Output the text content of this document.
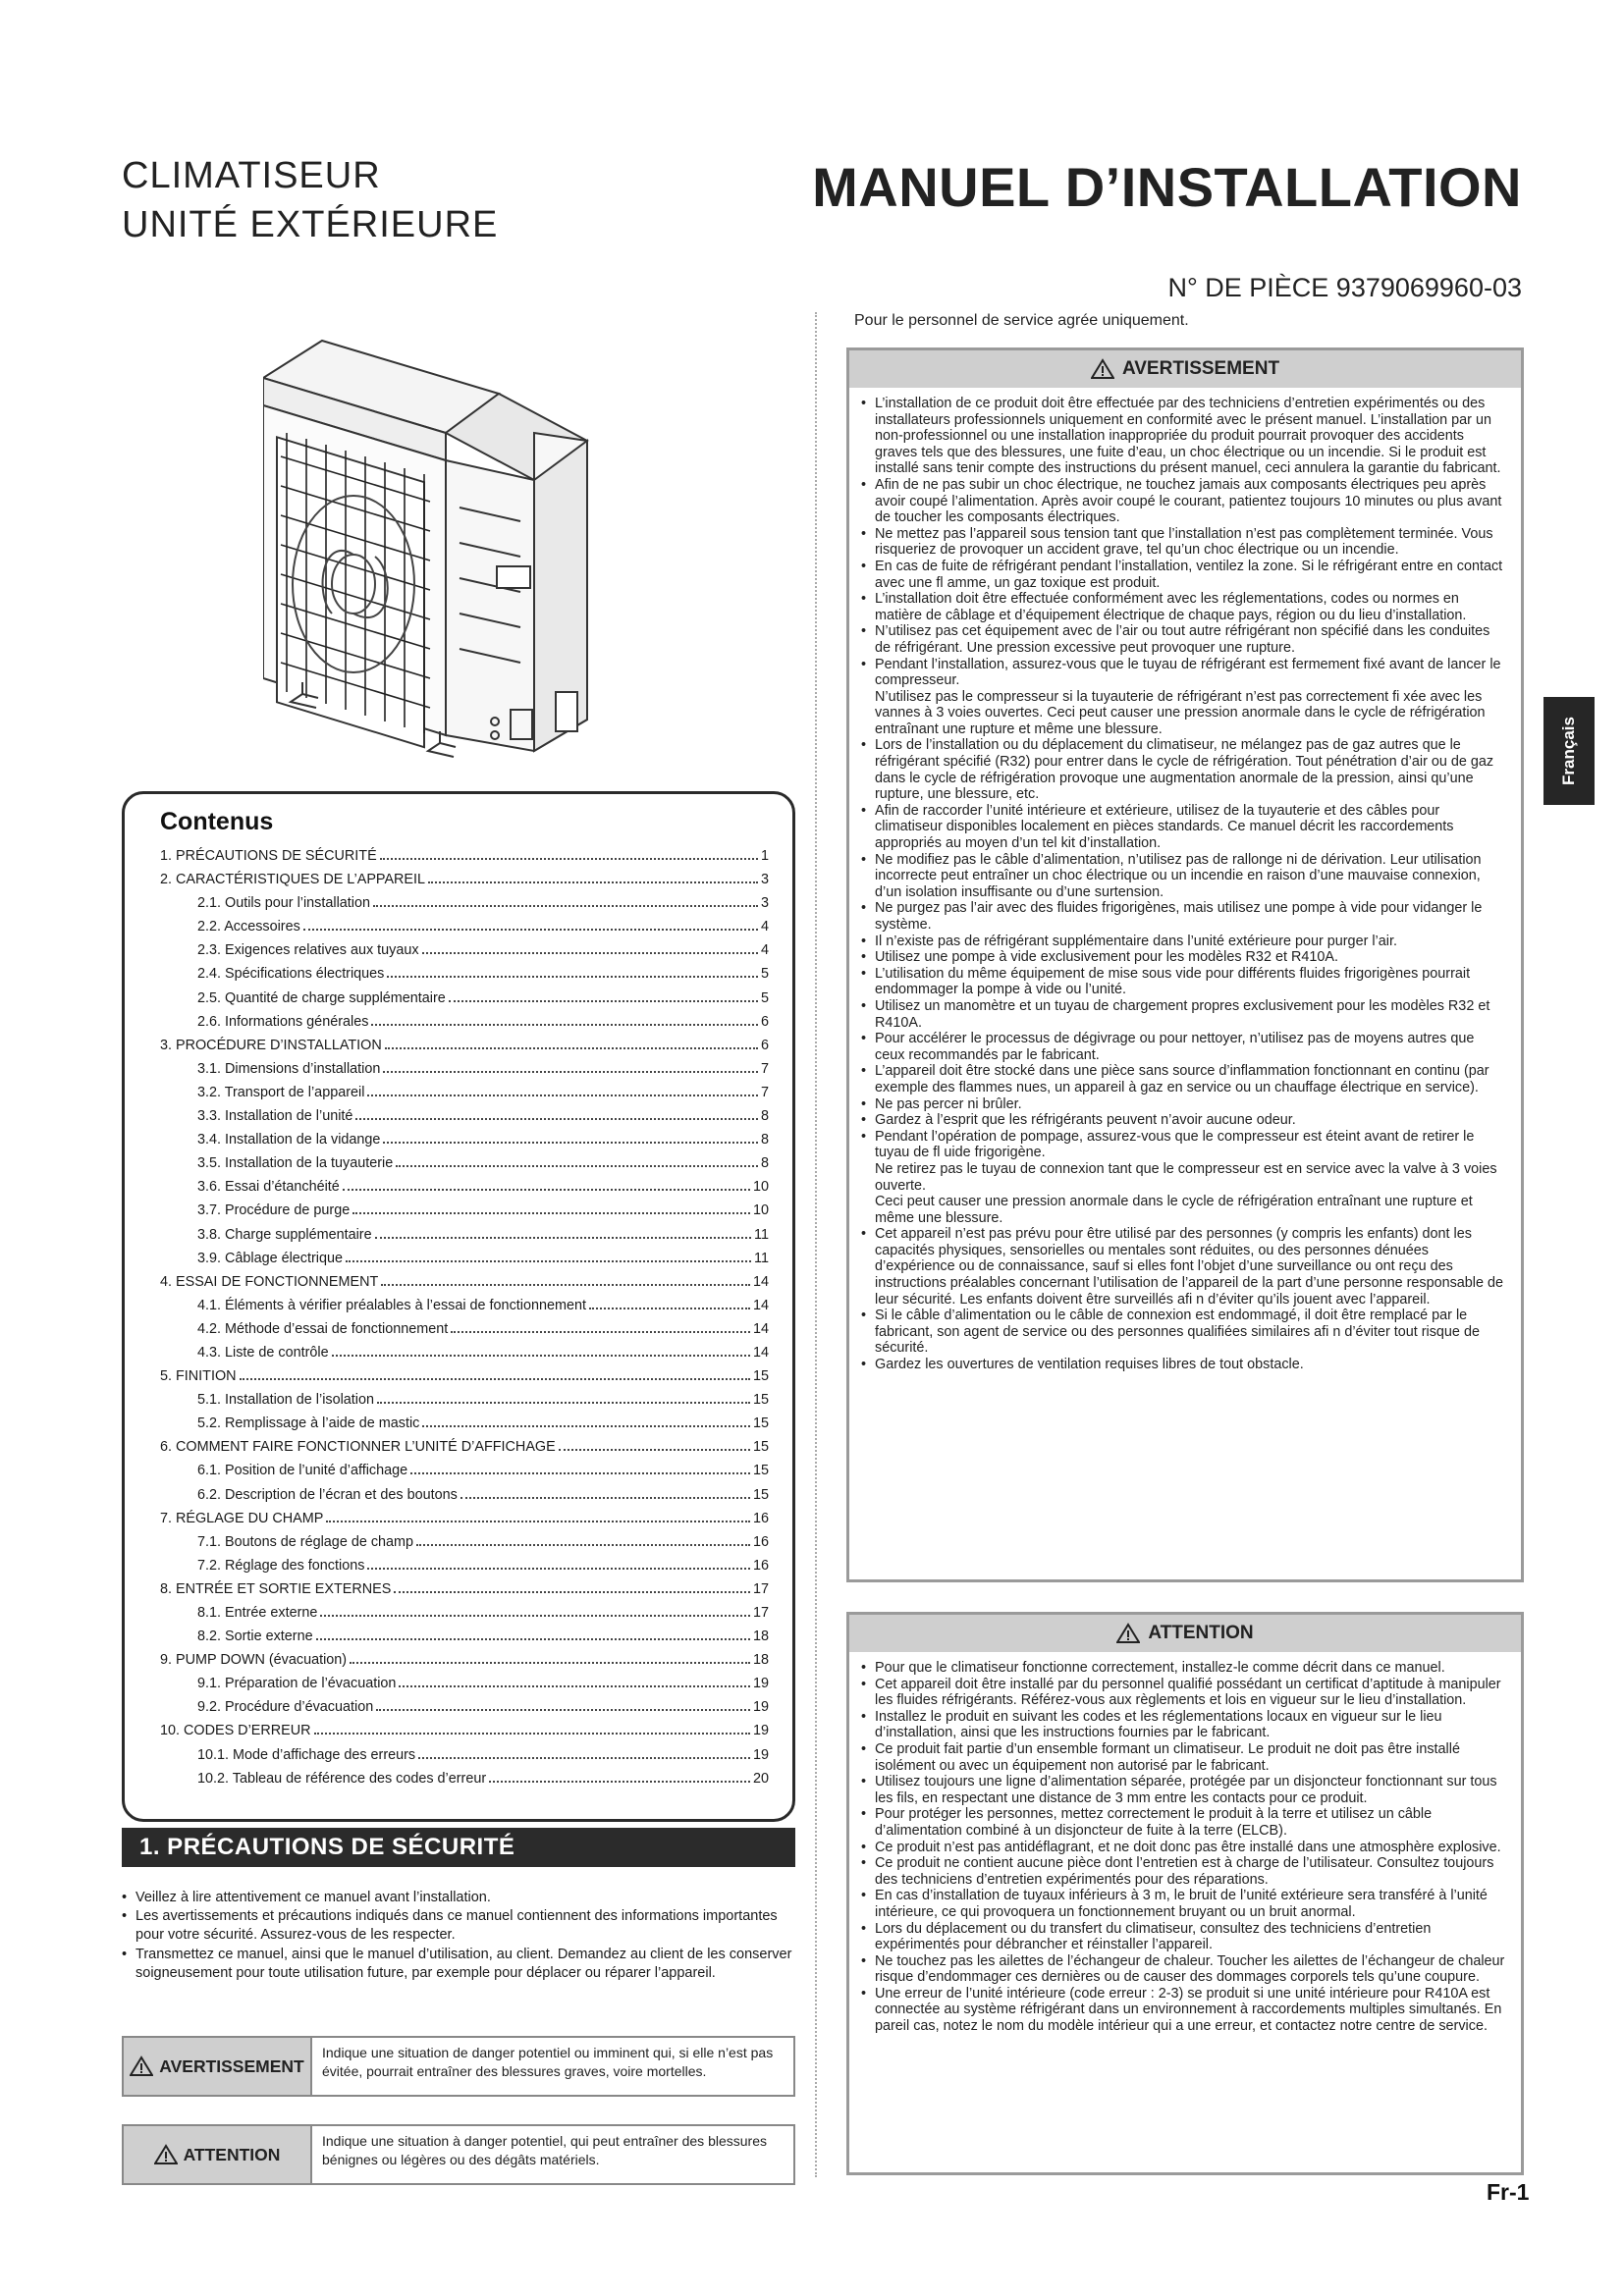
CLIMATISEUR
UNITÉ EXTÉRIEURE
MANUEL D’INSTALLATION
N° DE PIÈCE 9379069960-03
Pour le personnel de service agrée uniquement.
Contenus
1. PRÉCAUTIONS DE SÉCURITÉ	1
2. CARACTÉRISTIQUES DE L’APPAREIL	3
2.1. Outils pour l’installation	3
2.2. Accessoires	4
2.3. Exigences relatives aux tuyaux	4
2.4. Spécifications électriques	5
2.5. Quantité de charge supplémentaire	5
2.6. Informations générales	6
3. PROCÉDURE D’INSTALLATION	6
3.1. Dimensions d’installation	7
3.2. Transport de l’appareil	7
3.3. Installation de l’unité	8
3.4. Installation de la vidange	8
3.5. Installation de la tuyauterie	8
3.6. Essai d’étanchéité	10
3.7. Procédure de purge	10
3.8. Charge supplémentaire	11
3.9. Câblage électrique	11
4. ESSAI DE FONCTIONNEMENT	14
4.1. Éléments à vérifier préalables à l’essai de fonctionnement	14
4.2. Méthode d’essai de fonctionnement	14
4.3. Liste de contrôle	14
5. FINITION	15
5.1. Installation de l’isolation	15
5.2. Remplissage à l’aide de mastic	15
6. COMMENT FAIRE FONCTIONNER L’UNITÉ D’AFFICHAGE	15
6.1. Position de l’unité d’affichage	15
6.2. Description de l’écran et des boutons	15
7. RÉGLAGE DU CHAMP	16
7.1. Boutons de réglage de champ	16
7.2. Réglage des fonctions	16
8. ENTRÉE ET SORTIE EXTERNES	17
8.1. Entrée externe	17
8.2. Sortie externe	18
9. PUMP DOWN (évacuation)	18
9.1. Préparation de l’évacuation	19
9.2. Procédure d’évacuation	19
10. CODES D’ERREUR	19
10.1. Mode d’affichage des erreurs	19
10.2. Tableau de référence des codes d’erreur	20
1. PRÉCAUTIONS DE SÉCURITÉ
• Veillez à lire attentivement ce manuel avant l’installation.
• Les avertissements et précautions indiqués dans ce manuel contiennent des informations importantes pour votre sécurité. Assurez-vous de les respecter.
• Transmettez ce manuel, ainsi que le manuel d’utilisation, au client. Demandez au client de les conserver soigneusement pour toute utilisation future, par exemple pour déplacer ou réparer l’appareil.
AVERTISSEMENT
Indique une situation de danger potentiel ou imminent qui, si elle n’est pas évitée, pourrait entraîner des blessures graves, voire mortelles.
ATTENTION
Indique une situation à danger potentiel, qui peut entraîner des blessures bénignes ou légères ou des dégâts matériels.
AVERTISSEMENT
• L’installation de ce produit doit être effectuée par des techniciens d’entretien expérimentés ou des installateurs professionnels uniquement en conformité avec le présent manuel. L’installation par un non-professionnel ou une installation inappropriée du produit pourrait provoquer des accidents graves tels que des blessures, une fuite d’eau, un choc électrique ou un incendie. Si le produit est installé sans tenir compte des instructions du présent manuel, ceci annulera la garantie du fabricant.
• Afin de ne pas subir un choc électrique, ne touchez jamais aux composants électriques peu après avoir coupé l’alimentation. Après avoir coupé le courant, patientez toujours 10 minutes ou plus avant de toucher les composants électriques.
• Ne mettez pas l’appareil sous tension tant que l’installation n’est pas complètement terminée. Vous risqueriez de provoquer un accident grave, tel qu’un choc électrique ou un incendie.
• En cas de fuite de réfrigérant pendant l’installation, ventilez la zone. Si le réfrigérant entre en contact avec une fl amme, un gaz toxique est produit.
• L’installation doit être effectuée conformément avec les réglementations, codes ou normes en matière de câblage et d’équipement électrique de chaque pays, région ou du lieu d’installation.
• N’utilisez pas cet équipement avec de l’air ou tout autre réfrigérant non spécifié dans les conduites de réfrigérant. Une pression excessive peut provoquer une rupture.
• Pendant l’installation, assurez-vous que le tuyau de réfrigérant est fermement fixé avant de lancer le compresseur.
N’utilisez pas le compresseur si la tuyauterie de réfrigérant n’est pas correctement fi xée avec les vannes à 3 voies ouvertes. Ceci peut causer une pression anormale dans le cycle de réfrigération entraînant une rupture et même une blessure.
• Lors de l’installation ou du déplacement du climatiseur, ne mélangez pas de gaz autres que le réfrigérant spécifié (R32) pour entrer dans le cycle de réfrigération. Tout pénétration d’air ou de gaz dans le cycle de réfrigération provoque une augmentation anormale de la pression, ainsi qu’une rupture, une blessure, etc.
• Afin de raccorder l’unité intérieure et extérieure, utilisez de la tuyauterie et des câbles pour climatiseur disponibles localement en pièces standards. Ce manuel décrit les raccordements appropriés au moyen d’un tel kit d’installation.
• Ne modifiez pas le câble d’alimentation, n’utilisez pas de rallonge ni de dérivation. Leur utilisation incorrecte peut entraîner un choc électrique ou un incendie en raison d’une mauvaise connexion, d’un isolation insuffisante ou d’une surtension.
• Ne purgez pas l’air avec des fluides frigorigènes, mais utilisez une pompe à vide pour vidanger le système.
• Il n’existe pas de réfrigérant supplémentaire dans l’unité extérieure pour purger l’air.
• Utilisez une pompe à vide exclusivement pour les modèles R32 et R410A.
• L’utilisation du même équipement de mise sous vide pour différents fluides frigorigènes pourrait endommager la pompe à vide ou l’unité.
• Utilisez un manomètre et un tuyau de chargement propres exclusivement pour les modèles R32 et R410A.
• Pour accélérer le processus de dégivrage ou pour nettoyer, n’utilisez pas de moyens autres que ceux recommandés par le fabricant.
• L’appareil doit être stocké dans une pièce sans source d’inflammation fonctionnant en continu (par exemple des flammes nues, un appareil à gaz en service ou un chauffage électrique en service).
• Ne pas percer ni brûler.
• Gardez à l’esprit que les réfrigérants peuvent n’avoir aucune odeur.
• Pendant l’opération de pompage, assurez-vous que le compresseur est éteint avant de retirer le tuyau de fl uide frigorigène.
Ne retirez pas le tuyau de connexion tant que le compresseur est en service avec la valve à 3 voies ouverte.
Ceci peut causer une pression anormale dans le cycle de réfrigération entraînant une rupture et même une blessure.
• Cet appareil n’est pas prévu pour être utilisé par des personnes (y compris les enfants) dont les capacités physiques, sensorielles ou mentales sont réduites, ou des personnes dénuées d’expérience ou de connaissance, sauf si elles font l’objet d’une surveillance ou ont reçu des instructions préalables concernant l’utilisation de l’appareil de la part d’une personne responsable de leur sécurité. Les enfants doivent être surveillés afi n d’éviter qu’ils jouent avec l’appareil.
• Si le câble d’alimentation ou le câble de connexion est endommagé, il doit être remplacé par le fabricant, son agent de service ou des personnes qualifiées similaires afi n d’éviter tout risque de sécurité.
• Gardez les ouvertures de ventilation requises libres de tout obstacle.
ATTENTION
• Pour que le climatiseur fonctionne correctement, installez-le comme décrit dans ce manuel.
• Cet appareil doit être installé par du personnel qualifié possédant un certificat d’aptitude à manipuler les fluides réfrigérants. Référez-vous aux règlements et lois en vigueur sur le lieu d’installation.
• Installez le produit en suivant les codes et les réglementations locaux en vigueur sur le lieu d’installation, ainsi que les instructions fournies par le fabricant.
• Ce produit fait partie d’un ensemble formant un climatiseur. Le produit ne doit pas être installé isolément ou avec un équipement non autorisé par le fabricant.
• Utilisez toujours une ligne d’alimentation séparée, protégée par un disjoncteur fonctionnant sur tous les fils, en respectant une distance de 3 mm entre les contacts pour ce produit.
• Pour protéger les personnes, mettez correctement le produit à la terre et utilisez un câble d’alimentation combiné à un disjoncteur de fuite à la terre (ELCB).
• Ce produit n’est pas antidéflagrant, et ne doit donc pas être installé dans une atmosphère explosive.
• Ce produit ne contient aucune pièce dont l’entretien est à charge de l’utilisateur. Consultez toujours des techniciens d’entretien expérimentés pour des réparations.
• En cas d’installation de tuyaux inférieurs à 3 m, le bruit de l’unité extérieure sera transféré à l’unité intérieure, ce qui provoquera un fonctionnement bruyant ou un bruit anormal.
• Lors du déplacement ou du transfert du climatiseur, consultez des techniciens d’entretien expérimentés pour débrancher et réinstaller l’appareil.
• Ne touchez pas les ailettes de l’échangeur de chaleur. Toucher les ailettes de l’échangeur de chaleur risque d’endommager ces dernières ou de causer des dommages corporels tels qu’une coupure.
• Une erreur de l’unité intérieure (code erreur : 2-3) se produit si une unité intérieure pour R410A est connectée au système réfrigérant dans un environnement à raccordements multiples simultanés. En pareil cas, notez le nom du modèle intérieur qui a une erreur, et contactez notre centre de service.
Français
Fr-1
